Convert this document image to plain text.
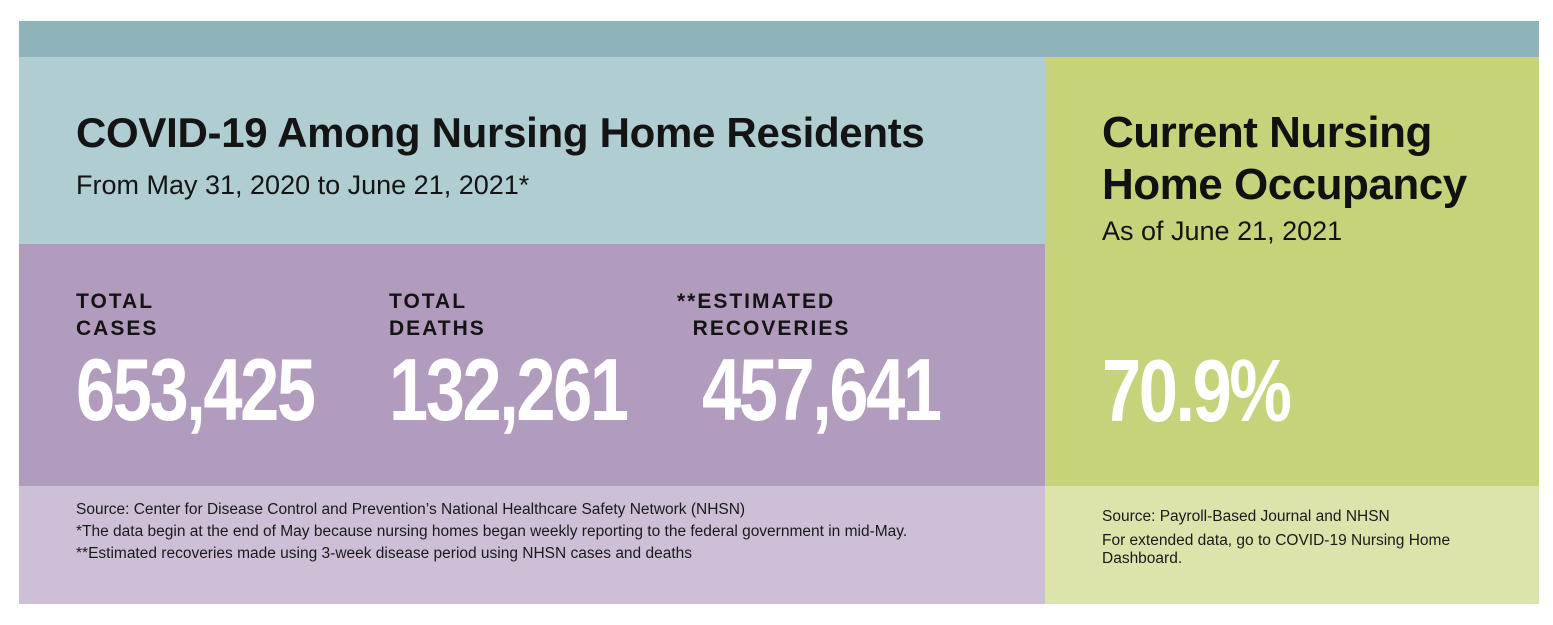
COVID-19 Among Nursing Home Residents

From May 31, 2020 to June 21, 2021*

TOTAL
CASES
653,425
TOTAL
DEATHS
132,261
**ESTIMATED
RECOVERIES
457,641

Source: Center for Disease Control and Prevention’s National Healthcare Safety Network (NHSN)

*The data begin at the end of May because nursing homes began weekly reporting to the federal government in mid-May.

**Estimated recoveries made using 3-week disease period using NHSN cases and deaths

Current Nursing Home Occupancy

As of June 21, 2021

70.9%

Source: Payroll-Based Journal and NHSN

For extended data, go to COVID-19 Nursing Home Dashboard.
